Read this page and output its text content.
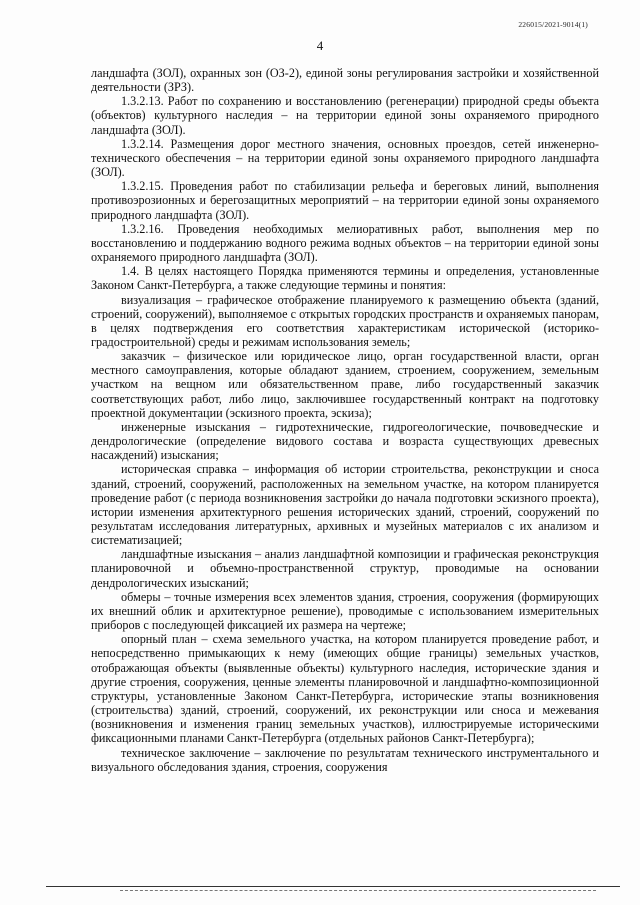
226015/2021-9014(1)
4

ландшафта (ЗОЛ), охранных зон (ОЗ-2), единой зоны регулирования застройки и хозяйственной деятельности (ЗРЗ).

1.3.2.13. Работ по сохранению и восстановлению (регенерации) природной среды объекта (объектов) культурного наследия – на территории единой зоны охраняемого природного ландшафта (ЗОЛ).

1.3.2.14. Размещения дорог местного значения, основных проездов, сетей инженерно-технического обеспечения – на территории единой зоны охраняемого природного ландшафта (ЗОЛ).

1.3.2.15. Проведения работ по стабилизации рельефа и береговых линий, выполнения противоэрозионных и берегозащитных мероприятий – на территории единой зоны охраняемого природного ландшафта (ЗОЛ).

1.3.2.16. Проведения необходимых мелиоративных работ, выполнения мер по восстановлению и поддержанию водного режима водных объектов – на территории единой зоны охраняемого природного ландшафта (ЗОЛ).

1.4. В целях настоящего Порядка применяются термины и определения, установленные Законом Санкт-Петербурга, а также следующие термины и понятия:

визуализация – графическое отображение планируемого к размещению объекта (зданий, строений, сооружений), выполняемое с открытых городских пространств и охраняемых панорам, в целях подтверждения его соответствия характеристикам исторической (историко-градостроительной) среды и режимам использования земель;

заказчик – физическое или юридическое лицо, орган государственной власти, орган местного самоуправления, которые обладают зданием, строением, сооружением, земельным участком на вещном или обязательственном праве, либо государственный заказчик соответствующих работ, либо лицо, заключившее государственный контракт на подготовку проектной документации (эскизного проекта, эскиза);

инженерные изыскания – гидротехнические, гидрогеологические, почвоведческие и дендрологические (определение видового состава и возраста существующих древесных насаждений) изыскания;

историческая справка – информация об истории строительства, реконструкции и сноса зданий, строений, сооружений, расположенных на земельном участке, на котором планируется проведение работ (с периода возникновения застройки до начала подготовки эскизного проекта), истории изменения архитектурного решения исторических зданий, строений, сооружений по результатам исследования литературных, архивных и музейных материалов с их анализом и систематизацией;

ландшафтные изыскания – анализ ландшафтной композиции и графическая реконструкция планировочной и объемно-пространственной структур, проводимые на основании дендрологических изысканий;

обмеры – точные измерения всех элементов здания, строения, сооружения (формирующих их внешний облик и архитектурное решение), проводимые с использованием измерительных приборов с последующей фиксацией их размера на чертеже;

опорный план – схема земельного участка, на котором планируется проведение работ, и непосредственно примыкающих к нему (имеющих общие границы) земельных участков, отображающая объекты (выявленные объекты) культурного наследия, исторические здания и другие строения, сооружения, ценные элементы планировочной и ландшафтно-композиционной структуры, установленные Законом Санкт-Петербурга, исторические этапы возникновения (строительства) зданий, строений, сооружений, их реконструкции или сноса и межевания (возникновения и изменения границ земельных участков), иллюстрируемые историческими фиксационными планами Санкт-Петербурга (отдельных районов Санкт-Петербурга);

техническое заключение – заключение по результатам технического инструментального и визуального обследования здания, строения, сооружения
